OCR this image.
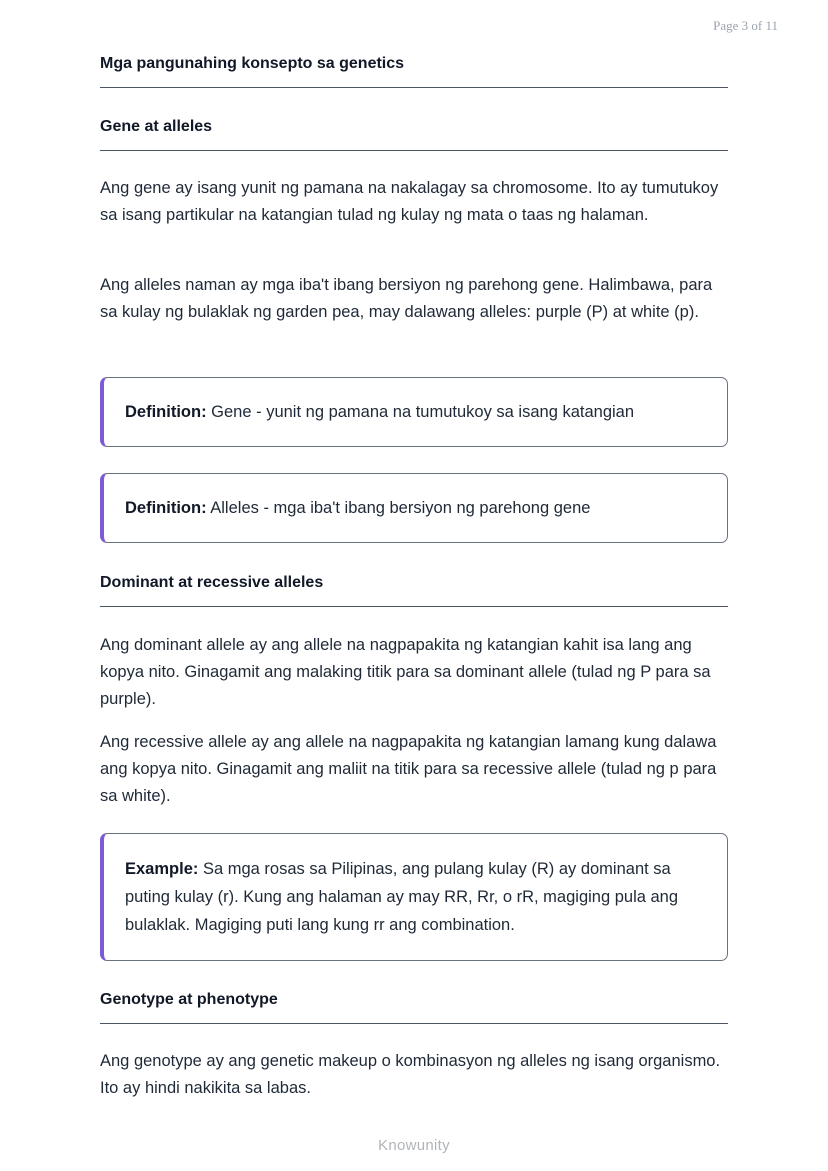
Page 3 of 11
Mga pangunahing konsepto sa genetics
Gene at alleles

Ang gene ay isang yunit ng pamana na nakalagay sa chromosome. Ito ay tumutukoy sa isang partikular na katangian tulad ng kulay ng mata o taas ng halaman.

Ang alleles naman ay mga iba't ibang bersiyon ng parehong gene. Halimbawa, para sa kulay ng bulaklak ng garden pea, may dalawang alleles: purple (P) at white (p).

Definition: Gene - yunit ng pamana na tumutukoy sa isang katangian
Definition: Alleles - mga iba't ibang bersiyon ng parehong gene
Dominant at recessive alleles

Ang dominant allele ay ang allele na nagpapakita ng katangian kahit isa lang ang kopya nito. Ginagamit ang malaking titik para sa dominant allele (tulad ng P para sa purple).

Ang recessive allele ay ang allele na nagpapakita ng katangian lamang kung dalawa ang kopya nito. Ginagamit ang maliit na titik para sa recessive allele (tulad ng p para sa white).

Example: Sa mga rosas sa Pilipinas, ang pulang kulay (R) ay dominant sa puting kulay (r). Kung ang halaman ay may RR, Rr, o rR, magiging pula ang bulaklak. Magiging puti lang kung rr ang combination.
Genotype at phenotype

Ang genotype ay ang genetic makeup o kombinasyon ng alleles ng isang organismo. Ito ay hindi nakikita sa labas.

Knowunity
